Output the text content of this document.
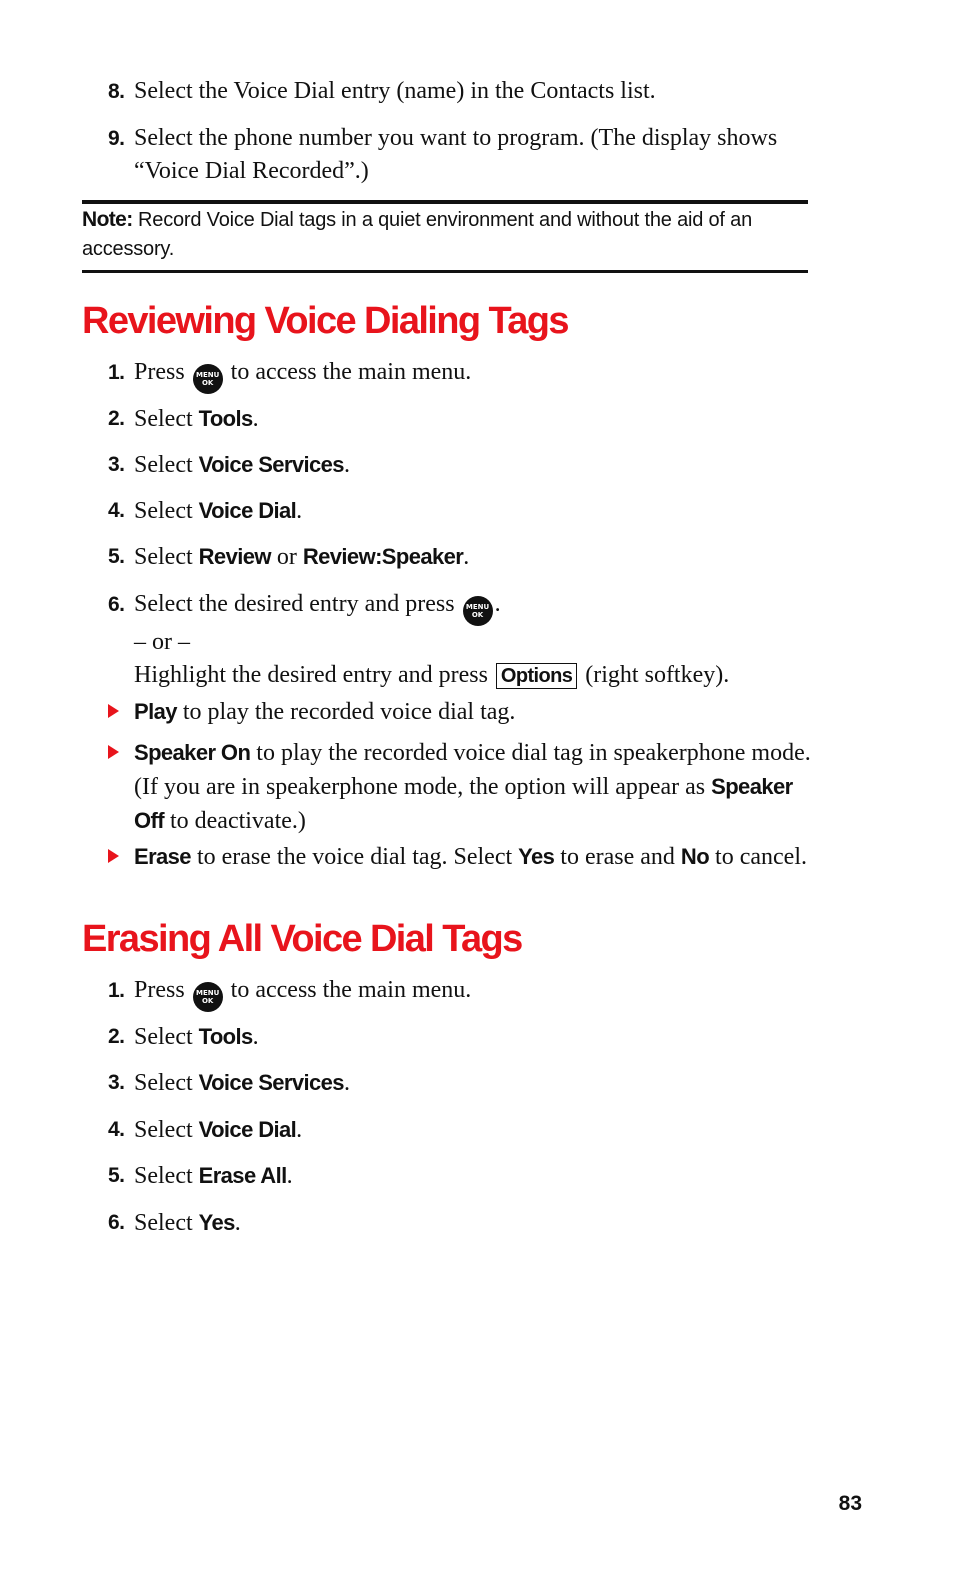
8. Select the Voice Dial entry (name) in the Contacts list.
9. Select the phone number you want to program. (The display shows “Voice Dial Recorded”.)
Note: Record Voice Dial tags in a quiet environment and without the aid of an accessory.
Reviewing Voice Dialing Tags
1. Press MENU
OK to access the main menu.
2. Select Tools.
3. Select Voice Services.
4. Select Voice Dial.
5. Select Review or Review:Speaker.
6. Select the desired entry and press MENU
OK .
– or –
Highlight the desired entry and press Options (right softkey).
Play to play the recorded voice dial tag.
Speaker On to play the recorded voice dial tag in speakerphone mode. (If you are in speakerphone mode, the option will appear as Speaker Off to deactivate.)
Erase to erase the voice dial tag. Select Yes to erase and No to cancel.
Erasing All Voice Dial Tags
1. Press MENU
OK to access the main menu.
2. Select Tools.
3. Select Voice Services.
4. Select Voice Dial.
5. Select Erase All.
6. Select Yes.
83
